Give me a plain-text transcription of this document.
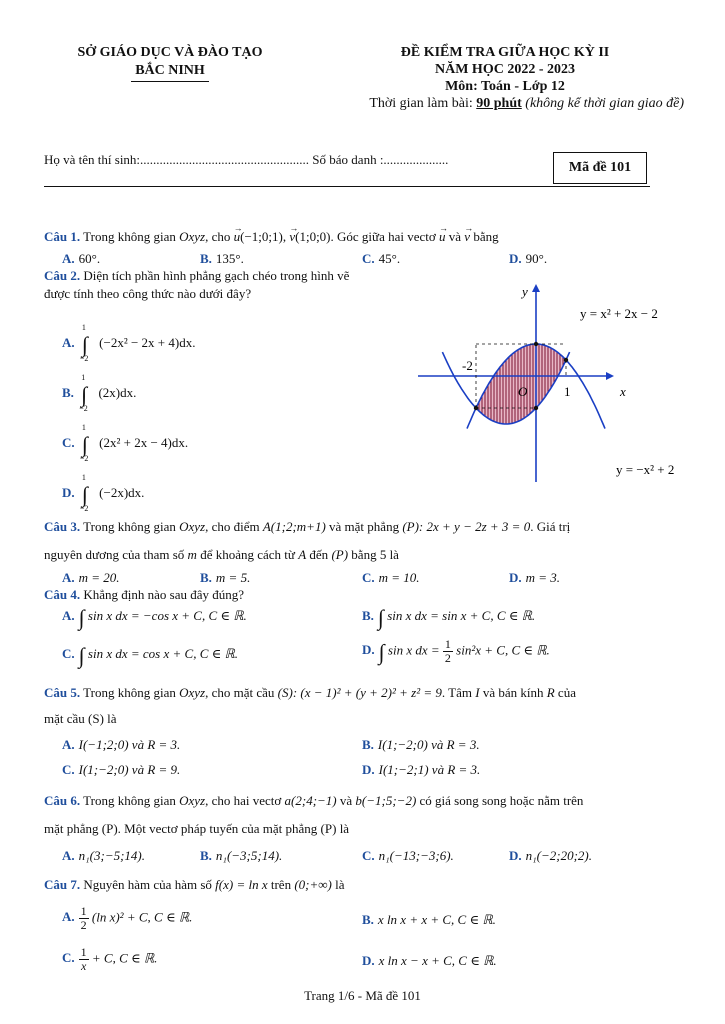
SỞ GIÁO DỤC VÀ ĐÀO TẠO
BẮC NINH
ĐỀ KIỂM TRA GIỮA HỌC KỲ II
NĂM HỌC 2022 - 2023
Môn: Toán - Lớp 12
Thời gian làm bài: 90 phút (không kể thời gian giao đề)
Họ và tên thí sinh:.................................................... Số báo danh :....................
Mã đề 101
Câu 1. Trong không gian Oxyz, cho → u(−1;0;1), → v(1;0;0). Góc giữa hai vectơ → u và → v bằng
A. 60°.	B. 135°.	C. 45°.	D. 90°.
Câu 2. Diện tích phần hình phẳng gạch chéo trong hình vẽ
được tính theo công thức nào dưới đây?
A. ∫$^1$
$_{-2}$ (−2x² − 2x + 4)dx.
B. ∫$^1$
$_{-2}$ (2x)dx.
C. ∫$^1$
$_{-2}$ (2x² + 2x − 4)dx.
D. ∫$^1$
$_{-2}$ (−2x)dx.
y
x
O
-2
1
y = x² + 2x − 2
y = −x² + 2
Câu 3. Trong không gian Oxyz, cho điểm A(1;2;m+1) và mặt phẳng (P): 2x + y − 2z + 3 = 0. Giá trị
nguyên dương của tham số m để khoảng cách từ A đến (P) bằng 5 là
A. m = 20.	B. m = 5.	C. m = 10.	D. m = 3.
Câu 4. Khẳng định nào sau đây đúng?
A. ∫ sin x dx = −cos x + C, C ∈ ℝ.	B. ∫ sin x dx = sin x + C, C ∈ ℝ.
C. ∫ sin x dx = cos x + C, C ∈ ℝ.	D. ∫ sin x dx = $\frac{1}{2} \sin^2x + C$, C ∈ ℝ.
Câu 5. Trong không gian Oxyz, cho mặt cầu (S): (x − 1)² + (y + 2)² + z² = 9. Tâm I và bán kính R của
mặt cầu (S) là
A. I(−1;2;0) và R = 3.	B. I(1;−2;0) và R = 3.
C. I(1;−2;0) và R = 9.	D. I(1;−2;1) và R = 3.
Câu 6. Trong không gian Oxyz, cho hai vectơ a(2;4;−1) và b(−1;5;−2) có giá song song hoặc nằm trên
mặt phẳng (P). Một vectơ pháp tuyến của mặt phẳng (P) là
A. n₁(3;−5;14).	B. n₁(−3;5;14).	C. n₁(−13;−3;6).	D. n₁(−2;20;2).
Câu 7. Nguyên hàm của hàm số f(x) = ln x trên (0;+∞) là
A. $\frac{1}{2} (\ln$ x)² + C, C ∈ ℝ.	B. x ln x + x + C, C ∈ ℝ.
C. $\frac{1}{x} + C$, C ∈ ℝ.	D. x ln x − x + C, C ∈ ℝ.
Trang 1/6 - Mã đề 101
